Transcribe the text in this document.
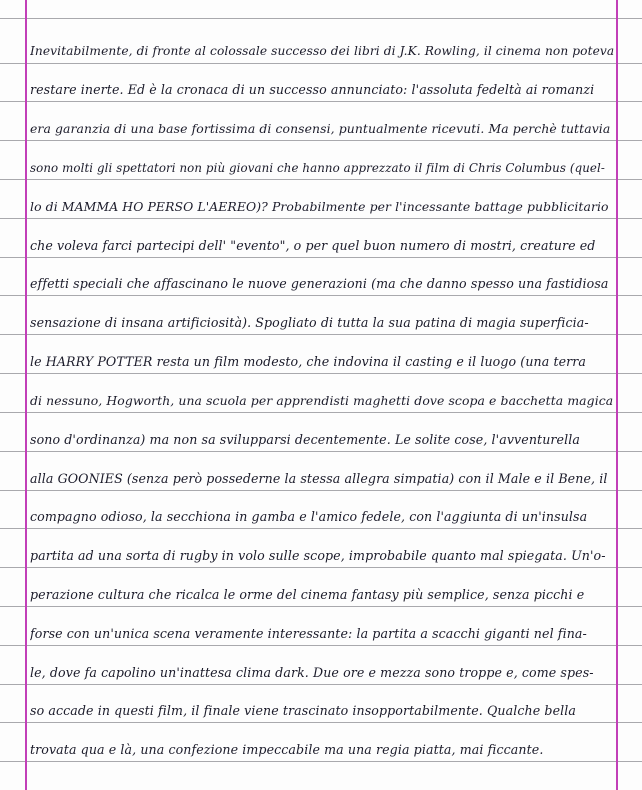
Inevitabilmente, di fronte al colossale successo dei libri di J.K. Rowling, il cinema non poteva
restare inerte. Ed è la cronaca di un successo annunciato: l'assoluta fedeltà ai romanzi
era garanzia di una base fortissima di consensi, puntualmente ricevuti. Ma perchè tuttavia
sono molti gli spettatori non più giovani che hanno apprezzato il film di Chris Columbus (quel-
lo di MAMMA HO PERSO L'AEREO)? Probabilmente per l'incessante battage pubblicitario
che voleva farci partecipi dell' "evento", o per quel buon numero di mostri, creature ed
effetti speciali che affascinano le nuove generazioni (ma che danno spesso una fastidiosa
sensazione di insana artificiosità). Spogliato di tutta la sua patina di magia superficia-
le HARRY POTTER resta un film modesto, che indovina il casting e il luogo (una terra
di nessuno, Hogworth, una scuola per apprendisti maghetti dove scopa e bacchetta magica
sono d'ordinanza) ma non sa svilupparsi decentemente. Le solite cose, l'avventurella
alla GOONIES (senza però possederne la stessa allegra simpatia) con il Male e il Bene, il
compagno odioso, la secchiona in gamba e l'amico fedele, con l'aggiunta di un'insulsa
partita ad una sorta di rugby in volo sulle scope, improbabile quanto mal spiegata. Un'o-
perazione cultura che ricalca le orme del cinema fantasy più semplice, senza picchi e
forse con un'unica scena veramente interessante: la partita a scacchi giganti nel fina-
le, dove fa capolino un'inattesa clima dark. Due ore e mezza sono troppe e, come spes-
so accade in questi film, il finale viene trascinato insopportabilmente. Qualche bella
trovata qua e là, una confezione impeccabile ma una regia piatta, mai ficcante.
